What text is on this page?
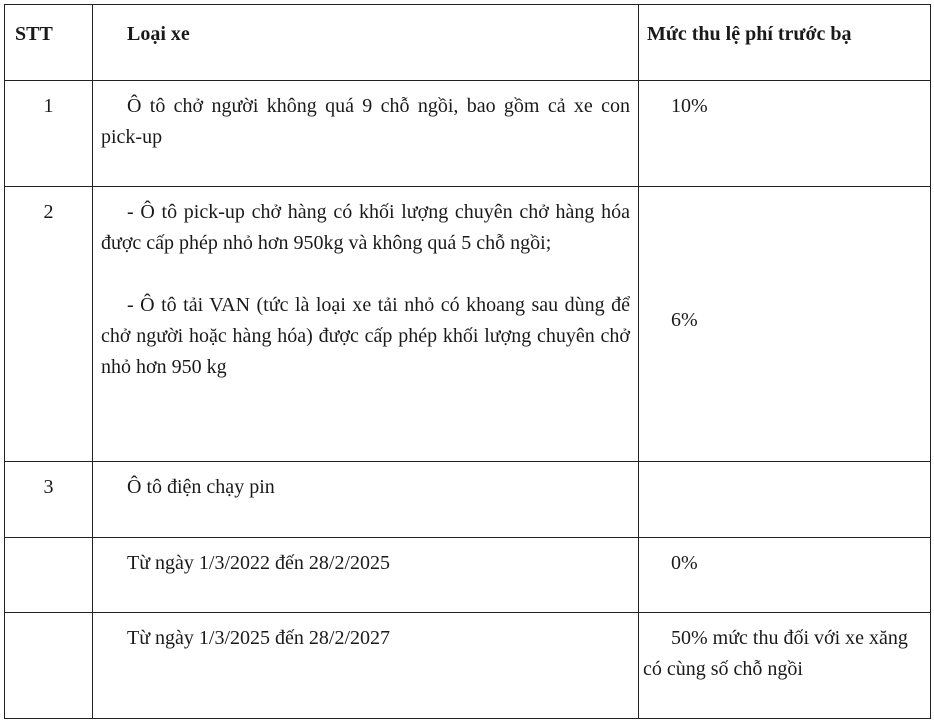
STT	Loại xe	Mức thu lệ phí trước bạ
1	Ô tô chở người không quá 9 chỗ ngồi, bao gồm cả xe con pick-up	10%

2	- Ô tô pick-up chở hàng có khối lượng chuyên chở hàng hóa được cấp phép nhỏ hơn 950kg và không quá 5 chỗ ngồi;

- Ô tô tải VAN (tức là loại xe tải nhỏ có khoang sau dùng để chở người hoặc hàng hóa) được cấp phép khối lượng chuyên chở nhỏ hơn 950 kg	6%

3	Ô tô điện chạy pin	

	Từ ngày 1/3/2022 đến 28/2/2025	0%

	Từ ngày 1/3/2025 đến 28/2/2027	50% mức thu đối với xe xăng có cùng số chỗ ngồi
